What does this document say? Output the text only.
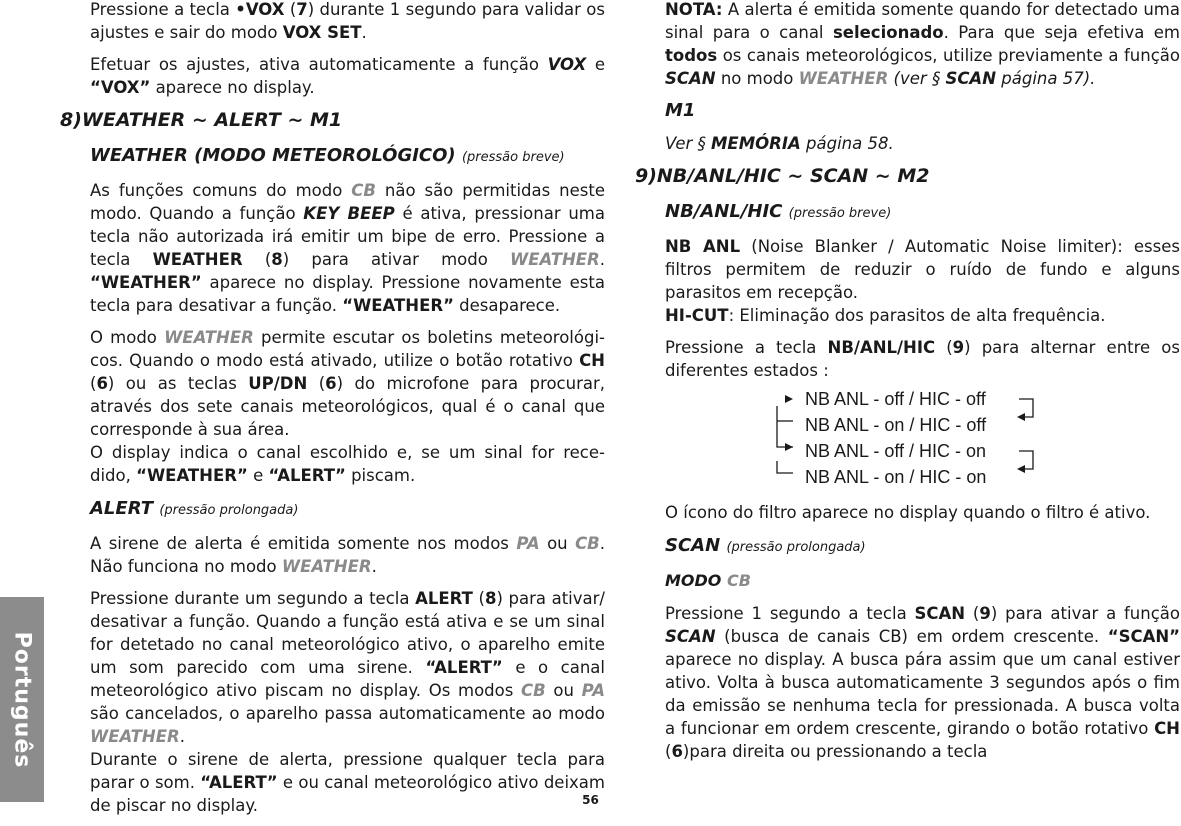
Pressione a tecla •VOX (7) durante 1 segundo para validar os ajustes e sair do modo VOX SET.

Efetuar os ajustes, ativa automaticamente a função VOX e “VOX” aparece no display.

8)WEATHER ~ ALERT ~ M1
WEATHER (MODO METEOROLÓGICO) (pressão breve)

As funções comuns do modo CB não são permitidas neste modo. Quando a função KEY BEEP é ativa, pressionar uma tecla não autorizada irá emitir um bipe de erro. Pressione a tecla WEATHER (8) para ativar modo WEATHER. “WEATHER” aparece no display. Pressione novamente esta tecla para desativar a função. “WEATHER” desaparece.

O modo WEATHER permite escutar os boletins meteorológi-cos. Quando o modo está ativado, utilize o botão rotativo CH (6) ou as teclas UP/DN (6) do microfone para procurar, através dos sete canais meteorológicos, qual é o canal que corresponde à sua área.
O display indica o canal escolhido e, se um sinal for rece-dido, “WEATHER” e “ALERT” piscam.

ALERT (pressão prolongada)

A sirene de alerta é emitida somente nos modos PA ou CB. Não funciona no modo WEATHER.

Pressione durante um segundo a tecla ALERT (8) para ativar/ desativar a função. Quando a função está ativa e se um sinal for detetado no canal meteorológico ativo, o aparelho emite um som parecido com uma sirene. “ALERT” e o canal meteorológico ativo piscam no display. Os modos CB ou PA são cancelados, o aparelho passa automaticamente ao modo WEATHER.
Durante o sirene de alerta, pressione qualquer tecla para parar o som. “ALERT” e ou canal meteorológico ativo deixam de piscar no display.

NOTA: A alerta é emitida somente quando for detectado uma sinal para o canal selecionado. Para que seja efetiva em todos os canais meteorológicos, utilize previamente a função SCAN no modo WEATHER (ver § SCAN página 57).

M1

Ver § MEMÓRIA página 58.

9)NB/ANL/HIC ~ SCAN ~ M2
NB/ANL/HIC (pressão breve)

NB ANL (Noise Blanker / Automatic Noise limiter): esses filtros permitem de reduzir o ruído de fundo e alguns parasitos em recepção.
HI-CUT: Eliminação dos parasitos de alta frequência.

Pressione a tecla NB/ANL/HIC (9) para alternar entre os diferentes estados :

NB ANL - off / HIC - off
NB ANL - on / HIC - off
NB ANL - off / HIC - on
NB ANL - on / HIC - on

O ícono do filtro aparece no display quando o filtro é ativo.

SCAN (pressão prolongada)
MODO CB

Pressione 1 segundo a tecla SCAN (9) para ativar a função SCAN (busca de canais CB) em ordem crescente. “SCAN” aparece no display. A busca pára assim que um canal estiver ativo. Volta à busca automaticamente 3 segundos após o fim da emissão se nenhuma tecla for pressionada. A busca volta a funcionar em ordem crescente, girando o botão rotativo CH (6)para direita ou pressionando a tecla

Português
56
